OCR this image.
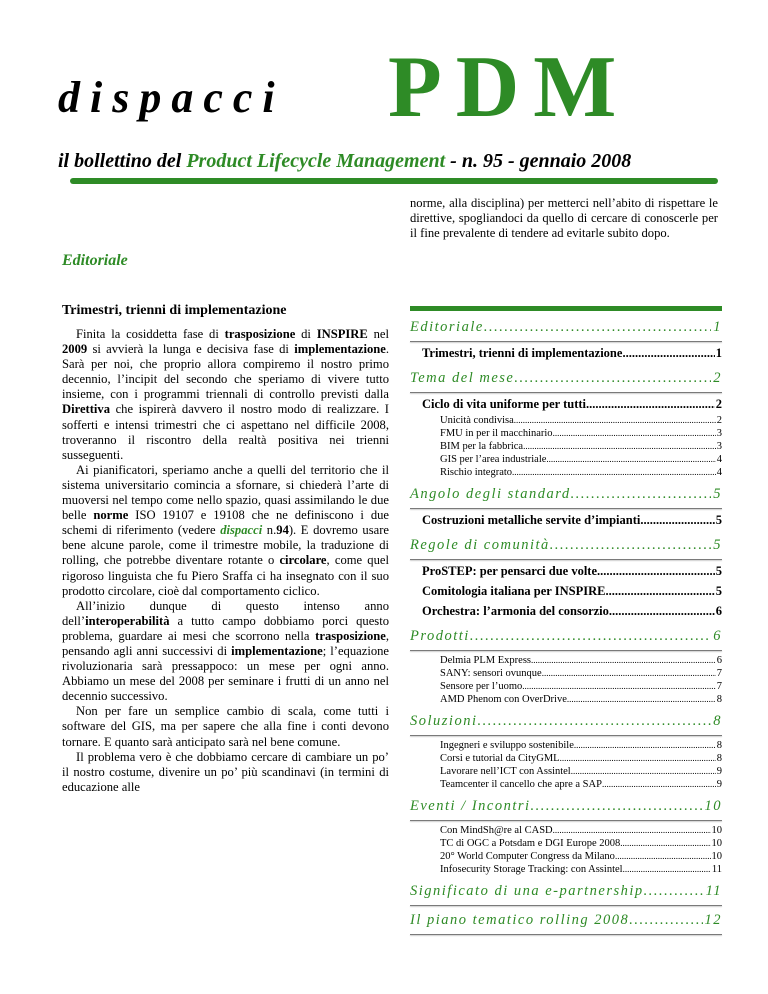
dispacci PDM
il bollettino del Product Lifecycle Management - n. 95 - gennaio 2008
Editoriale
Trimestri, trienni di implementazione

Finita la cosiddetta fase di trasposizione di INSPIRE nel 2009 si avvierà la lunga e decisiva fase di implementazione. Sarà per noi, che proprio allora compiremo il nostro primo decennio, l’incipit del secondo che speriamo di vivere tutto insieme, con i programmi triennali di controllo previsti dalla Direttiva che ispirerà davvero il nostro modo di realizzare. I sofferti e intensi trimestri che ci aspettano nel difficile 2008, troveranno il riscontro della realtà positiva nei trienni susseguenti.

Ai pianificatori, speriamo anche a quelli del territorio che il sistema universitario comincia a sfornare, si chiederà l’arte di muoversi nel tempo come nello spazio, quasi assimilando le due belle norme ISO 19107 e 19108 che ne definiscono i due schemi di riferimento (vedere dispacci n.94). E dovremo usare bene alcune parole, come il trimestre mobile, la traduzione di rolling, che potrebbe diventare rotante o circolare, come quel rigoroso linguista che fu Piero Sraffa ci ha insegnato con il suo prodotto circolare, cioè dal comportamento ciclico.

All’inizio dunque di questo intenso anno dell’interoperabilità a tutto campo dobbiamo porci questo problema, guardare ai mesi che scorrono nella trasposizione, pensando agli anni successivi di implementazione; l’equazione rivoluzionaria sarà pressappoco: un mese per ogni anno. Abbiamo un mese del 2008 per seminare i frutti di un anno nel decennio successivo.

Non per fare un semplice cambio di scala, come tutti i software del GIS, ma per sapere che alla fine i conti devono tornare. E quanto sarà anticipato sarà nel bene comune.

Il problema vero è che dobbiamo cercare di cambiare un po’ il nostro costume, divenire un po’ più scandinavi (in termini di educazione alle

norme, alla disciplina) per metterci nell’abito di rispettare le direttive, spogliandoci da quello di cercare di conoscerle per il fine prevalente di tendere ad evitarle subito dopo.

Editoriale .....	1
Trimestri, trienni di implementazione .....	1
Tema del mese .....	2
Ciclo di vita uniforme per tutti .....	2
Unicità condivisa .....	2
FMU in per il macchinario .....	3
BIM per la fabbrica .....	3
GIS per l’area industriale .....	4
Rischio integrato .....	4
Angolo degli standard .....	5
Costruzioni metalliche servite d’impianti .....	5
Regole di comunità .....	5
ProSTEP: per pensarci due volte .....	5
Comitologia italiana per INSPIRE .....	5
Orchestra: l’armonia del consorzio .....	6
Prodotti .....	6
Delmia PLM Express .....	6
SANY: sensori ovunque .....	7
Sensore per l’uomo .....	7
AMD Phenom con OverDrive .....	8
Soluzioni .....	8
Ingegneri e sviluppo sostenibile .....	8
Corsi e tutorial da CityGML .....	8
Lavorare nell’ICT con Assintel .....	9
Teamcenter il cancello che apre a SAP .....	9
Eventi / Incontri .....	10
Con MindSh@re al CASD .....	10
TC di OGC a Potsdam e DGI Europe 2008 .....	10
20° World Computer Congress da Milano .....	10
Infosecurity Storage Tracking: con Assintel .....	11
Significato di una e-partnership .....	11
Il piano tematico rolling 2008 .....	12
